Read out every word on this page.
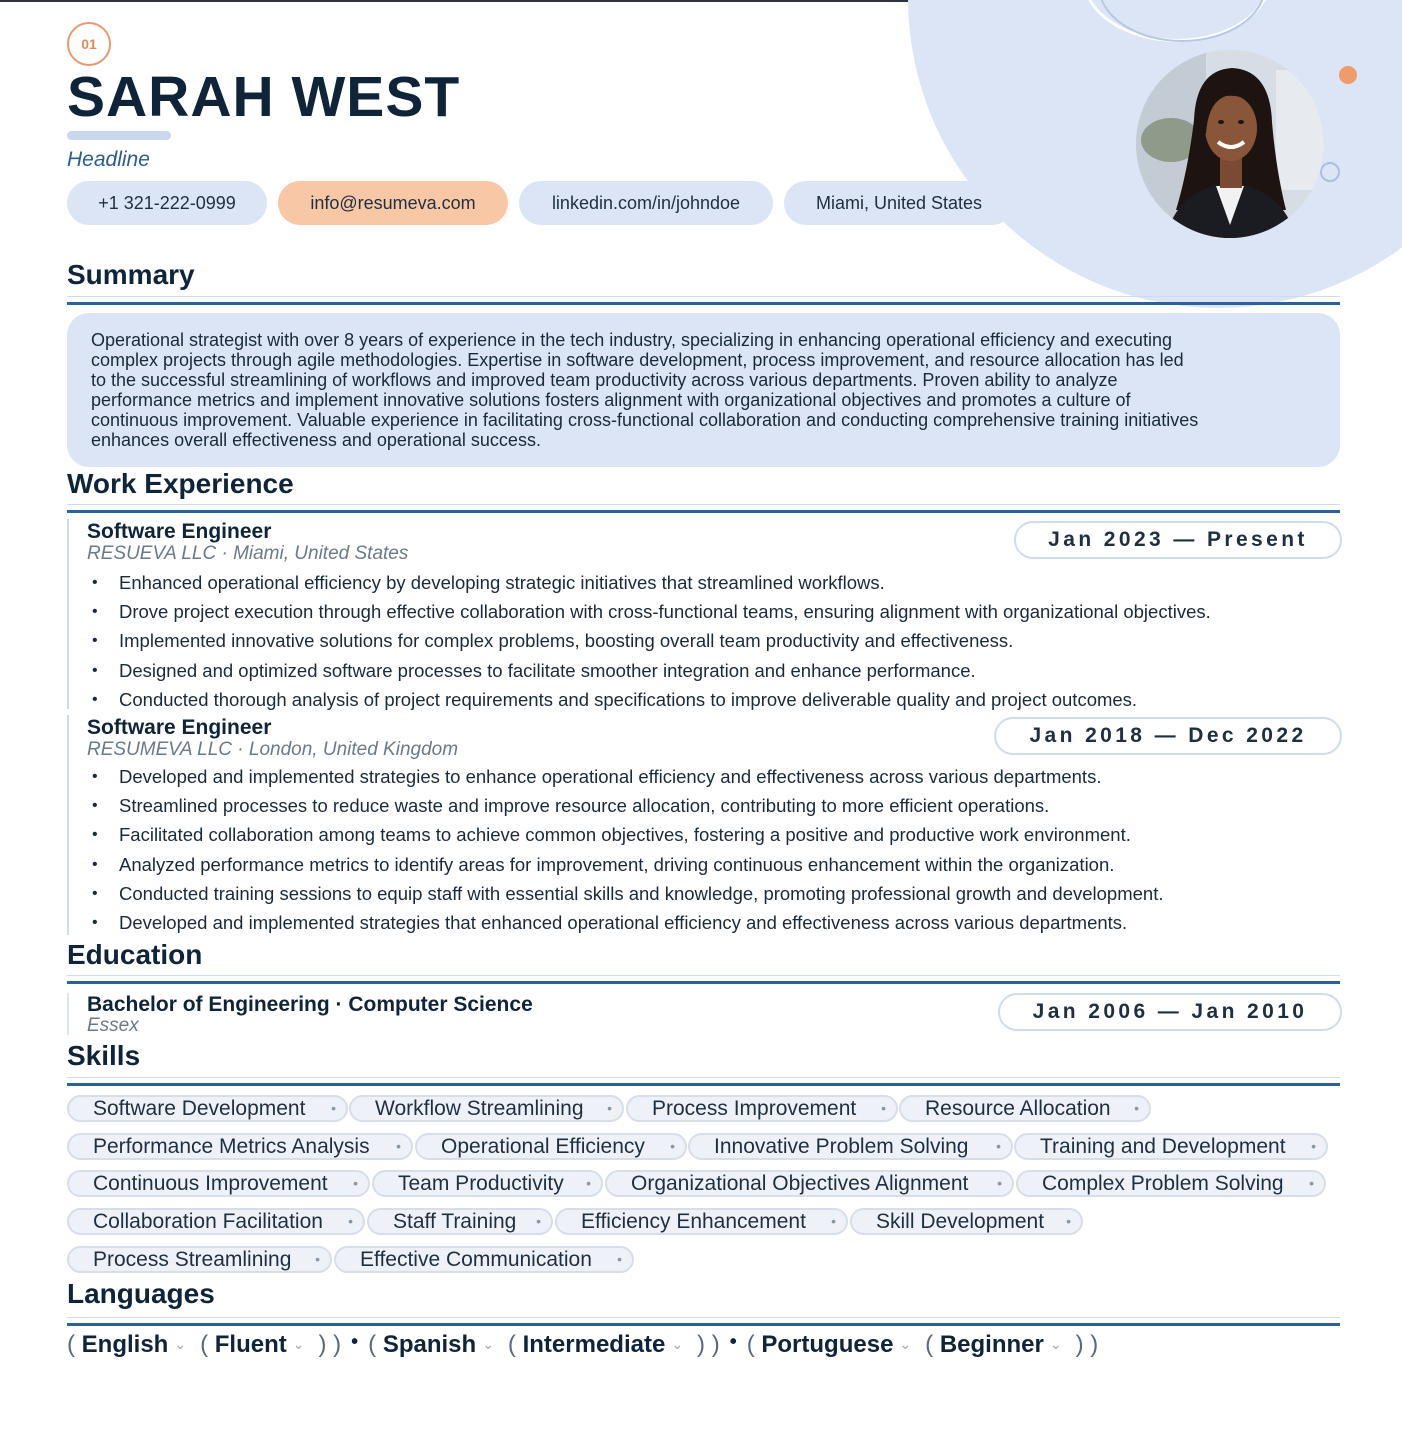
01
SARAH WEST
Headline
+1 321-222-0999	info@resumeva.com	linkedin.com/in/johndoe	Miami, United States
Summary
Operational strategist with over 8 years of experience in the tech industry, specializing in enhancing operational efficiency and executing
complex projects through agile methodologies. Expertise in software development, process improvement, and resource allocation has led
to the successful streamlining of workflows and improved team productivity across various departments. Proven ability to analyze
performance metrics and implement innovative solutions fosters alignment with organizational objectives and promotes a culture of
continuous improvement. Valuable experience in facilitating cross-functional collaboration and conducting comprehensive training initiatives
enhances overall effectiveness and operational success.
Work Experience
Software Engineer
RESUEVA LLC · Miami, United States
Jan 2023 — Present
• Enhanced operational efficiency by developing strategic initiatives that streamlined workflows.
• Drove project execution through effective collaboration with cross-functional teams, ensuring alignment with organizational objectives.
• Implemented innovative solutions for complex problems, boosting overall team productivity and effectiveness.
• Designed and optimized software processes to facilitate smoother integration and enhance performance.
• Conducted thorough analysis of project requirements and specifications to improve deliverable quality and project outcomes.
Software Engineer
RESUMEVA LLC · London, United Kingdom
Jan 2018 — Dec 2022
• Developed and implemented strategies to enhance operational efficiency and effectiveness across various departments.
• Streamlined processes to reduce waste and improve resource allocation, contributing to more efficient operations.
• Facilitated collaboration among teams to achieve common objectives, fostering a positive and productive work environment.
• Analyzed performance metrics to identify areas for improvement, driving continuous enhancement within the organization.
• Conducted training sessions to equip staff with essential skills and knowledge, promoting professional growth and development.
• Developed and implemented strategies that enhanced operational efficiency and effectiveness across various departments.
Education
Bachelor of Engineering · Computer Science
Essex
Jan 2006 — Jan 2010
Skills
Software Development •	Workflow Streamlining •	Process Improvement •	Resource Allocation •
Performance Metrics Analysis •	Operational Efficiency •	Innovative Problem Solving •	Training and Development •
Continuous Improvement •	Team Productivity •	Organizational Objectives Alignment •	Complex Problem Solving •
Collaboration Facilitation •	Staff Training •	Efficiency Enhancement •	Skill Development •
Process Streamlining •	Effective Communication •
Languages
( English ⌄ ( Fluent ⌄ ) ) • ( Spanish ⌄ ( Intermediate ⌄ ) ) • ( Portuguese ⌄ ( Beginner ⌄ ) )
